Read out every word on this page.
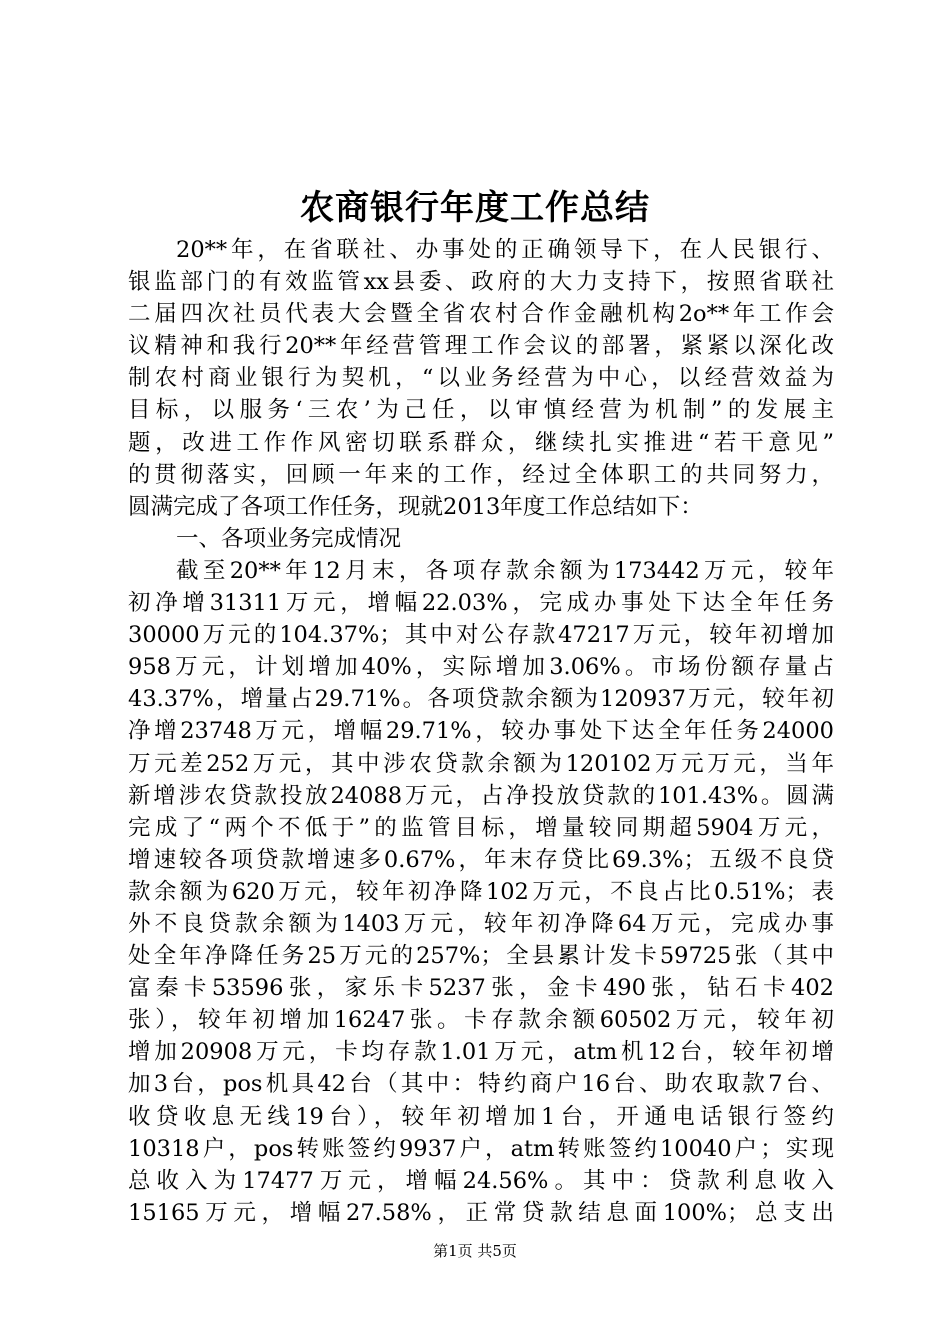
农商银行年度工作总结
20**年，在省联社、办事处的正确领导下，在人民银行、
银监部门的有效监管xx县委、政府的大力支持下，按照省联社
二届四次社员代表大会暨全省农村合作金融机构2o**年工作会
议精神和我行20**年经营管理工作会议的部署，紧紧以深化改
制农村商业银行为契机，“以业务经营为中心，以经营效益为
目标，以服务‘三农’为己任，以审慎经营为机制”的发展主
题，改进工作作风密切联系群众，继续扎实推进“若干意见”
的贯彻落实，回顾一年来的工作，经过全体职工的共同努力，
圆满完成了各项工作任务，现就2013年度工作总结如下：
一、各项业务完成情况
截至20**年12月末，各项存款余额为173442万元，较年
初净增31311万元，增幅22.03%，完成办事处下达全年任务
30000万元的104.37%；其中对公存款47217万元，较年初增加
958万元，计划增加40%，实际增加3.06%。市场份额存量占
43.37%，增量占29.71%。各项贷款余额为120937万元，较年初
净增23748万元，增幅29.71%，较办事处下达全年任务24000
万元差252万元，其中涉农贷款余额为120102万元万元，当年
新增涉农贷款投放24088万元，占净投放贷款的101.43%。圆满
完成了“两个不低于”的监管目标，增量较同期超5904万元，
增速较各项贷款增速多0.67%，年末存贷比69.3%；五级不良贷
款余额为620万元，较年初净降102万元，不良占比0.51%；表
外不良贷款余额为1403万元，较年初净降64万元，完成办事
处全年净降任务25万元的257%；全县累计发卡59725张（其中
富秦卡53596张，家乐卡5237张，金卡490张，钻石卡402
张），较年初增加16247张。卡存款余额60502万元，较年初
增加20908万元，卡均存款1.01万元，atm机12台，较年初增
加3台，pos机具42台（其中：特约商户16台、助农取款7台、
收贷收息无线19台），较年初增加1台，开通电话银行签约
10318户，pos转账签约9937户，atm转账签约10040户；实现
总收入为17477万元，增幅24.56%。其中：贷款利息收入
15165万元，增幅27.58%，正常贷款结息面100%；总支出
第1页 共5页
